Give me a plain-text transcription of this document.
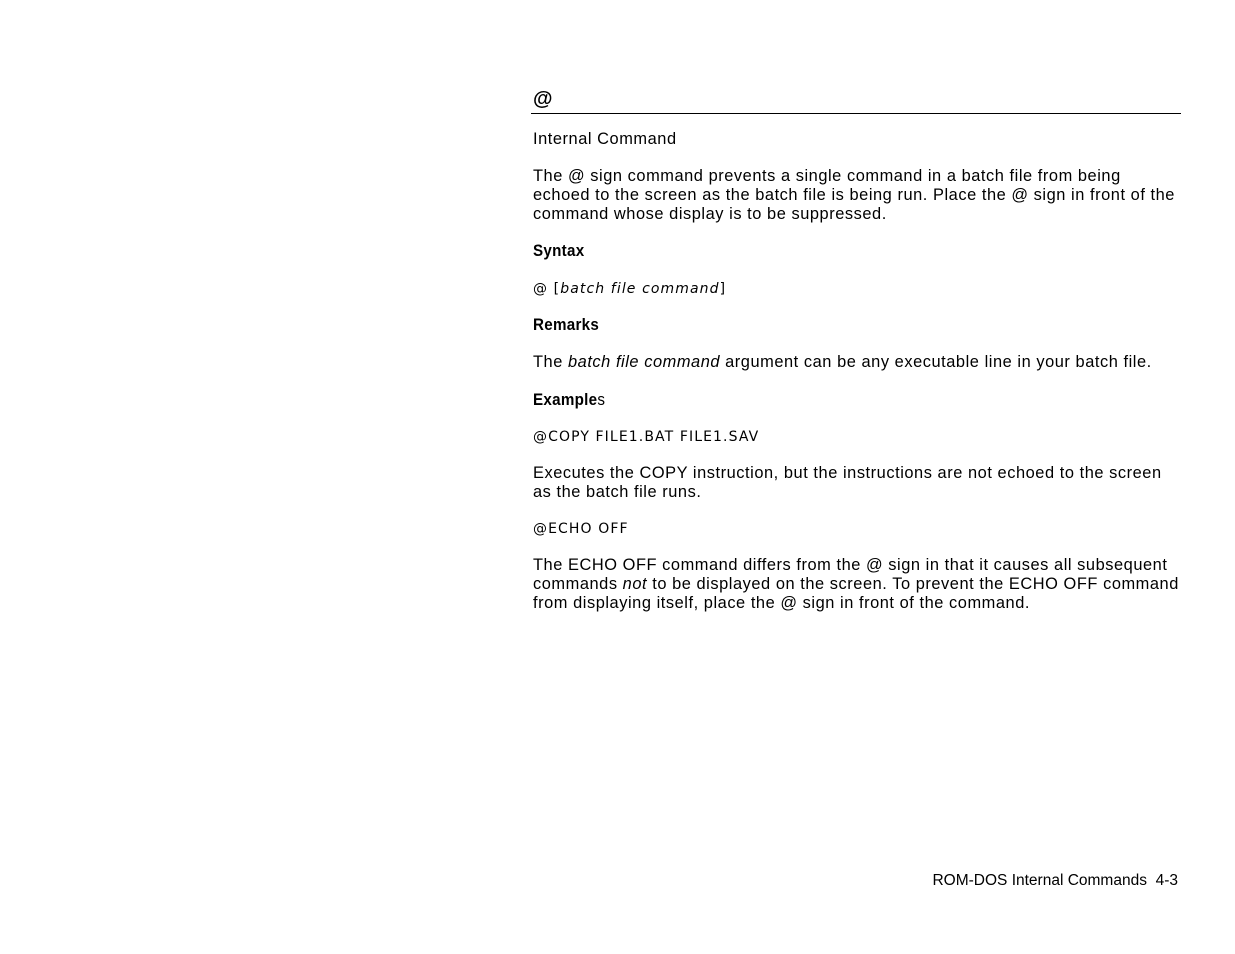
@

Internal Command

The @ sign command prevents a single command in a batch file from being echoed to the screen as the batch file is being run. Place the @ sign in front of the command whose display is to be suppressed.

Syntax

@ [batch file command]

Remarks

The batch file command argument can be any executable line in your batch file.

Examples

@COPY FILE1.BAT FILE1.SAV

Executes the COPY instruction, but the instructions are not echoed to the screen as the batch file runs.

@ECHO OFF

The ECHO OFF command differs from the @ sign in that it causes all subsequent commands not to be displayed on the screen. To prevent the ECHO OFF command from displaying itself, place the @ sign in front of the command.

ROM-DOS Internal Commands 4-3
